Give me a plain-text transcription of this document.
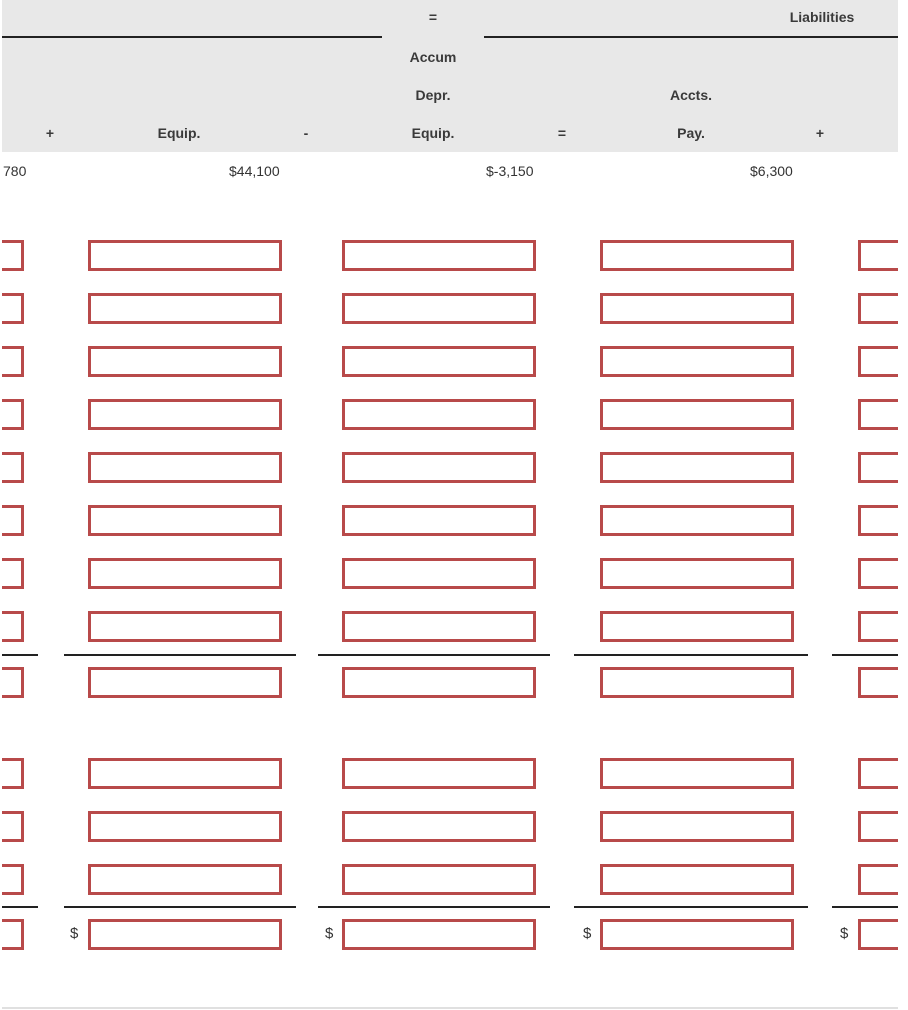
=	Liabilities
Accum
Depr.	Accts.
+	Equip.	-	Equip.	=	Pay.	+
780	$44,100	$-3,150	$6,300
$	$	$	$
